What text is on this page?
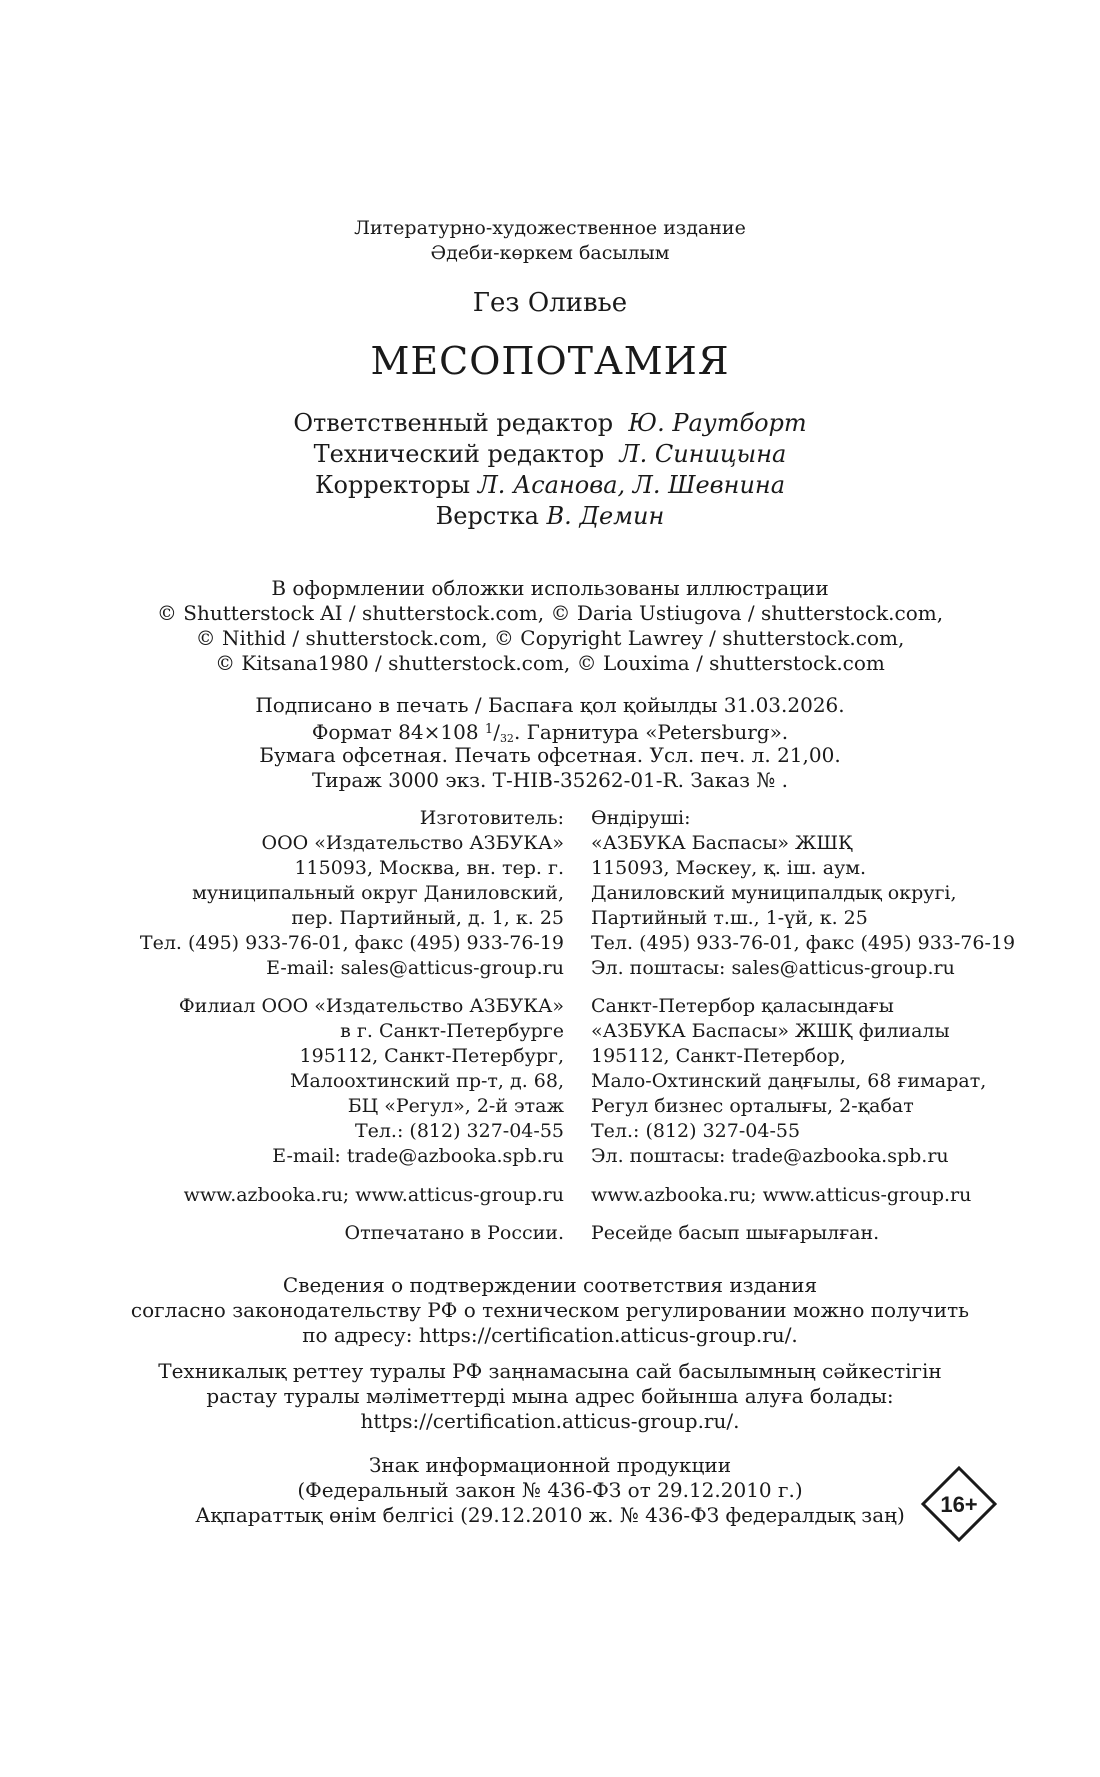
Литературно-художественное издание
Әдеби-көркем басылым
Гез Оливье
МЕСОПОТАМИЯ
Ответственный редактор Ю. Раутборт
Технический редактор Л. Синицына
Корректоры Л. Асанова, Л. Шевнина
Верстка В. Демин
В оформлении обложки использованы иллюстрации
© Shutterstock AI / shutterstock.com, © Daria Ustiugova / shutterstock.com,
© Nithid / shutterstock.com, © Copyright Lawrey / shutterstock.com,
© Kitsana1980 / shutterstock.com, © Louxima / shutterstock.com
Подписано в печать / Баспаға қол қойылды 31.03.2026.
Формат 84×108 $^1/_{32}$. Гарнитура «Petersburg».
Бумага офсетная. Печать офсетная. Усл. печ. л. 21,00.
Тираж 3000 экз. Т-HIB-35262-01-R. Заказ № .
Изготовитель:
ООО «Издательство АЗБУКА»
115093, Москва, вн. тер. г.
муниципальный округ Даниловский,
пер. Партийный, д. 1, к. 25
Тел. (495) 933-76-01, факс (495) 933-76-19
E-mail: sales@atticus-group.ru
Өндіруші:
«АЗБУКА Баспасы» ЖШҚ
115093, Мәскеу, қ. іш. аум.
Даниловский муниципалдық округі,
Партийный т.ш., 1-үй, к. 25
Тел. (495) 933-76-01, факс (495) 933-76-19
Эл. поштасы: sales@atticus-group.ru
Филиал ООО «Издательство АЗБУКА»
в г. Санкт-Петербурге
195112, Санкт-Петербург,
Малоохтинский пр-т, д. 68,
БЦ «Регул», 2-й этаж
Тел.: (812) 327-04-55
E-mail: trade@azbooka.spb.ru
Санкт-Петербор қаласындағы
«АЗБУКА Баспасы» ЖШҚ филиалы
195112, Санкт-Петербор,
Мало-Охтинский даңғылы, 68 ғимарат,
Регул бизнес орталығы, 2-қабат
Тел.: (812) 327-04-55
Эл. поштасы: trade@azbooka.spb.ru
www.azbooka.ru; www.atticus-group.ru www.azbooka.ru; www.atticus-group.ru
Отпечатано в России. Ресейде басып шығарылған.
Сведения о подтверждении соответствия издания
согласно законодательству РФ о техническом регулировании можно получить
по адресу: https://certification.atticus-group.ru/.
Техникалық реттеу туралы РФ заңнамасына сай басылымның сәйкестігін
растау туралы мәліметтерді мына адрес бойынша алуға болады:
https://certification.atticus-group.ru/.
Знак информационной продукции
(Федеральный закон № 436-ФЗ от 29.12.2010 г.)
Ақпараттық өнім белгісі (29.12.2010 ж. № 436-ФЗ федералдық заң)	16+
